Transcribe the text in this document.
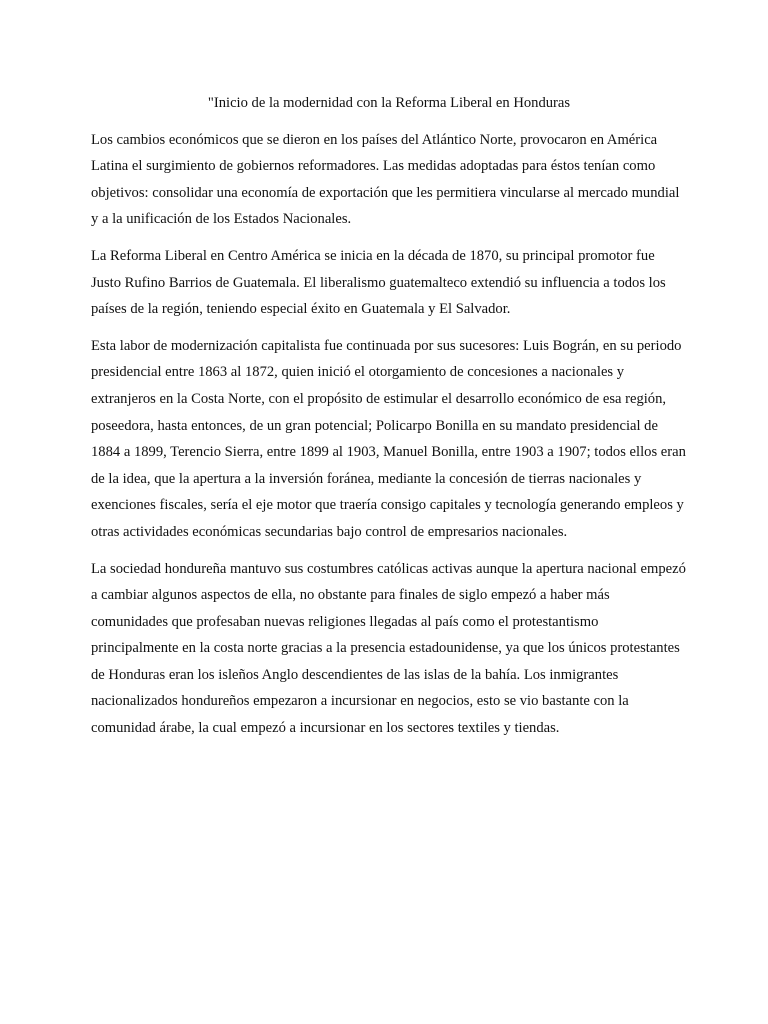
"Inicio de la modernidad con la Reforma Liberal en Honduras

Los cambios económicos que se dieron en los países del Atlántico Norte, provocaron en América Latina el surgimiento de gobiernos reformadores. Las medidas adoptadas para éstos tenían como objetivos: consolidar una economía de exportación que les permitiera vincularse al mercado mundial y a la unificación de los Estados Nacionales.

La Reforma Liberal en Centro América se inicia en la década de 1870, su principal promotor fue Justo Rufino Barrios de Guatemala. El liberalismo guatemalteco extendió su influencia a todos los países de la región, teniendo especial éxito en Guatemala y El Salvador.

Esta labor de modernización capitalista fue continuada por sus sucesores: Luis Bográn, en su periodo presidencial entre 1863 al 1872, quien inició el otorgamiento de concesiones a nacionales y extranjeros en la Costa Norte, con el propósito de estimular el desarrollo económico de esa región, poseedora, hasta entonces, de un gran potencial; Policarpo Bonilla en su mandato presidencial de 1884 a 1899, Terencio Sierra, entre 1899 al 1903, Manuel Bonilla, entre 1903 a 1907; todos ellos eran de la idea, que la apertura a la inversión foránea, mediante la concesión de tierras nacionales y exenciones fiscales, sería el eje motor que traería consigo capitales y tecnología generando empleos y otras actividades económicas secundarias bajo control de empresarios nacionales.

La sociedad hondureña mantuvo sus costumbres católicas activas aunque la apertura nacional empezó a cambiar algunos aspectos de ella, no obstante para finales de siglo empezó a haber más comunidades que profesaban nuevas religiones llegadas al país como el protestantismo principalmente en la costa norte gracias a la presencia estadounidense, ya que los únicos protestantes de Honduras eran los isleños Anglo descendientes de las islas de la bahía. Los inmigrantes nacionalizados hondureños empezaron a incursionar en negocios, esto se vio bastante con la comunidad árabe, la cual empezó a incursionar en los sectores textiles y tiendas.
